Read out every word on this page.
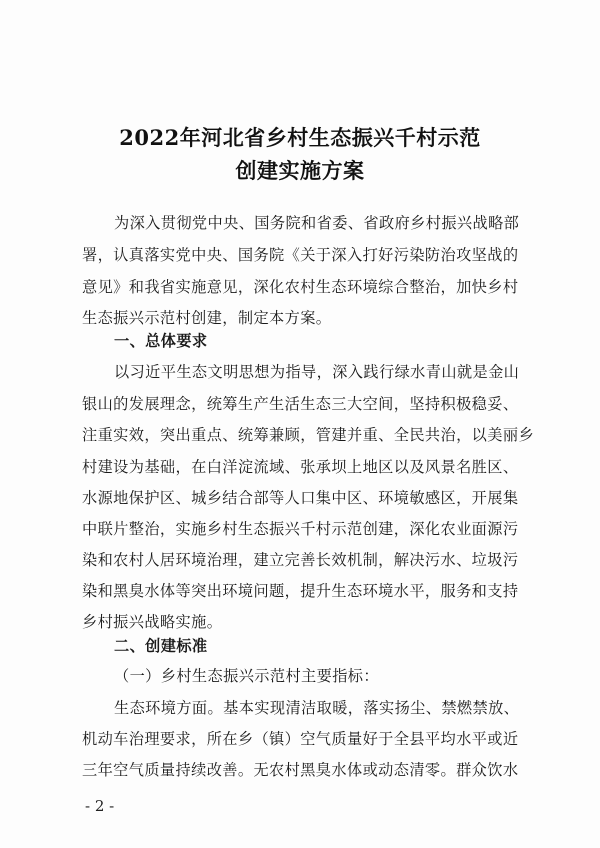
2022年河北省乡村生态振兴千村示范
创建实施方案
为深入贯彻党中央、国务院和省委、省政府乡村振兴战略部
署，认真落实党中央、国务院《关于深入打好污染防治攻坚战的
意见》和我省实施意见，深化农村生态环境综合整治，加快乡村
生态振兴示范村创建，制定本方案。
一、总体要求
以习近平生态文明思想为指导，深入践行绿水青山就是金山
银山的发展理念，统筹生产生活生态三大空间，坚持积极稳妥、
注重实效，突出重点、统筹兼顾，管建并重、全民共治，以美丽乡
村建设为基础，在白洋淀流域、张承坝上地区以及风景名胜区、
水源地保护区、城乡结合部等人口集中区、环境敏感区，开展集
中联片整治，实施乡村生态振兴千村示范创建，深化农业面源污
染和农村人居环境治理，建立完善长效机制，解决污水、垃圾污
染和黑臭水体等突出环境问题，提升生态环境水平，服务和支持
乡村振兴战略实施。
二、创建标准
（一）乡村生态振兴示范村主要指标：
生态环境方面。基本实现清洁取暖，落实扬尘、禁燃禁放、
机动车治理要求，所在乡（镇）空气质量好于全县平均水平或近
三年空气质量持续改善。无农村黑臭水体或动态清零。群众饮水
- 2 -
